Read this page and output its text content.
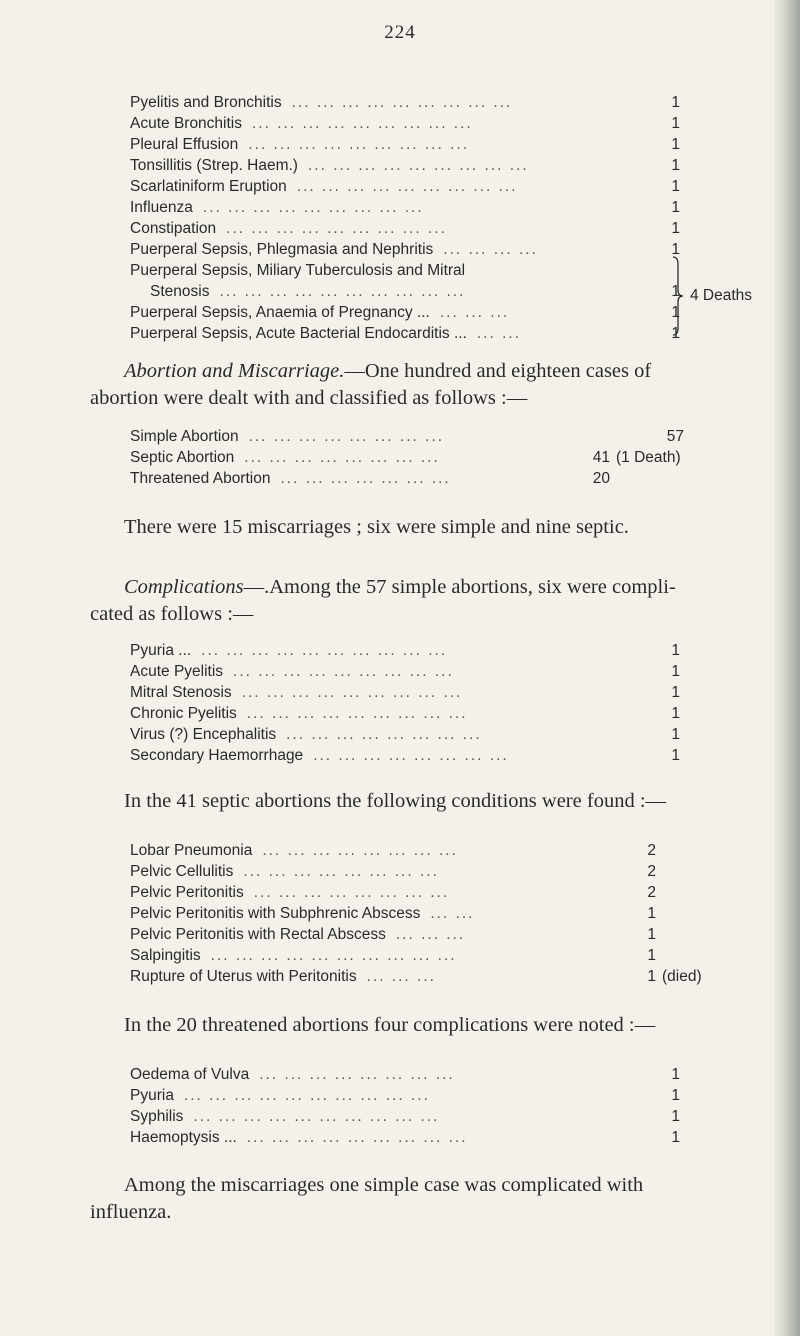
224
Pyelitis and Bronchitis ... ... ... ... ... ... ... ... ...	1
Acute Bronchitis ... ... ... ... ... ... ... ... ...	1
Pleural Effusion ... ... ... ... ... ... ... ... ...	1
Tonsillitis (Strep. Haem.) ... ... ... ... ... ... ... ... ...	1
Scarlatiniform Eruption ... ... ... ... ... ... ... ... ...	1
Influenza ... ... ... ... ... ... ... ... ...	1
Constipation ... ... ... ... ... ... ... ... ...	1
Puerperal Sepsis, Phlegmasia and Nephritis ... ... ... ...	1
Puerperal Sepsis, Miliary Tuberculosis and Mitral
Stenosis ... ... ... ... ... ... ... ... ... ...	1
Puerperal Sepsis, Anaemia of Pregnancy ... ... ... ...	1
Puerperal Sepsis, Acute Bacterial Endocarditis ... ... ...	1
4 Deaths
Abortion and Miscarriage.—One hundred and eighteen cases of
abortion were dealt with and classified as follows :—
Simple Abortion ... ... ... ... ... ... ... ...	57
Septic Abortion ... ... ... ... ... ... ... ...	41 (1 Death)
Threatened Abortion ... ... ... ... ... ... ...	20
There were 15 miscarriages ; six were simple and nine septic.
Complications—.Among the 57 simple abortions, six were compli-
cated as follows :—
Pyuria ... ... ... ... ... ... ... ... ... ... ...	1
Acute Pyelitis ... ... ... ... ... ... ... ... ...	1
Mitral Stenosis ... ... ... ... ... ... ... ... ...	1
Chronic Pyelitis ... ... ... ... ... ... ... ... ...	1
Virus (?) Encephalitis ... ... ... ... ... ... ... ...	1
Secondary Haemorrhage ... ... ... ... ... ... ... ...	1
In the 41 septic abortions the following conditions were found :—
Lobar Pneumonia ... ... ... ... ... ... ... ...	2
Pelvic Cellulitis ... ... ... ... ... ... ... ...	2
Pelvic Peritonitis ... ... ... ... ... ... ... ...	2
Pelvic Peritonitis with Subphrenic Abscess ... ...	1
Pelvic Peritonitis with Rectal Abscess ... ... ...	1
Salpingitis ... ... ... ... ... ... ... ... ... ...	1
Rupture of Uterus with Peritonitis ... ... ...	1 (died)
In the 20 threatened abortions four complications were noted :—
Oedema of Vulva ... ... ... ... ... ... ... ...	1
Pyuria ... ... ... ... ... ... ... ... ... ...	1
Syphilis ... ... ... ... ... ... ... ... ... ...	1
Haemoptysis ... ... ... ... ... ... ... ... ... ...	1
Among the miscarriages one simple case was complicated with
influenza.
